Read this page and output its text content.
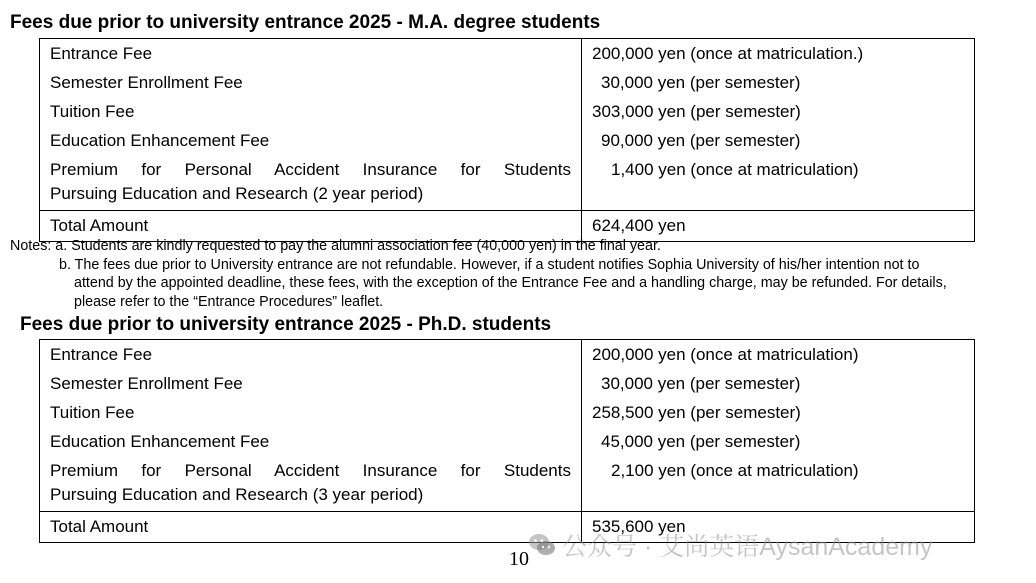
Fees due prior to university entrance 2025 - M.A. degree students
Entrance Fee	200,000 yen (once at matriculation.)
Semester Enrollment Fee	30,000 yen (per semester)
Tuition Fee	303,000 yen (per semester)
Education Enhancement Fee	90,000 yen (per semester)

Premium for Personal Accident Insurance for Students
Pursuing Education and Research (2 year period)	1,400 yen (once at matriculation)
Total Amount	624,400 yen
Notes: a. Students are kindly requested to pay the alumni association fee (40,000 yen) in the final year.
b. The fees due prior to University entrance are not refundable. However, if a student notifies Sophia University of his/her intention not to
attend by the appointed deadline, these fees, with the exception of the Entrance Fee and a handling charge, may be refunded. For details,
please refer to the “Entrance Procedures” leaflet.
Fees due prior to university entrance 2025 - Ph.D. students
Entrance Fee	200,000 yen (once at matriculation)
Semester Enrollment Fee	30,000 yen (per semester)
Tuition Fee	258,500 yen (per semester)
Education Enhancement Fee	45,000 yen (per semester)

Premium for Personal Accident Insurance for Students
Pursuing Education and Research (3 year period)	2,100 yen (once at matriculation)
Total Amount	535,600 yen
10 公众号 · 艾尚英语AysanAcademy
